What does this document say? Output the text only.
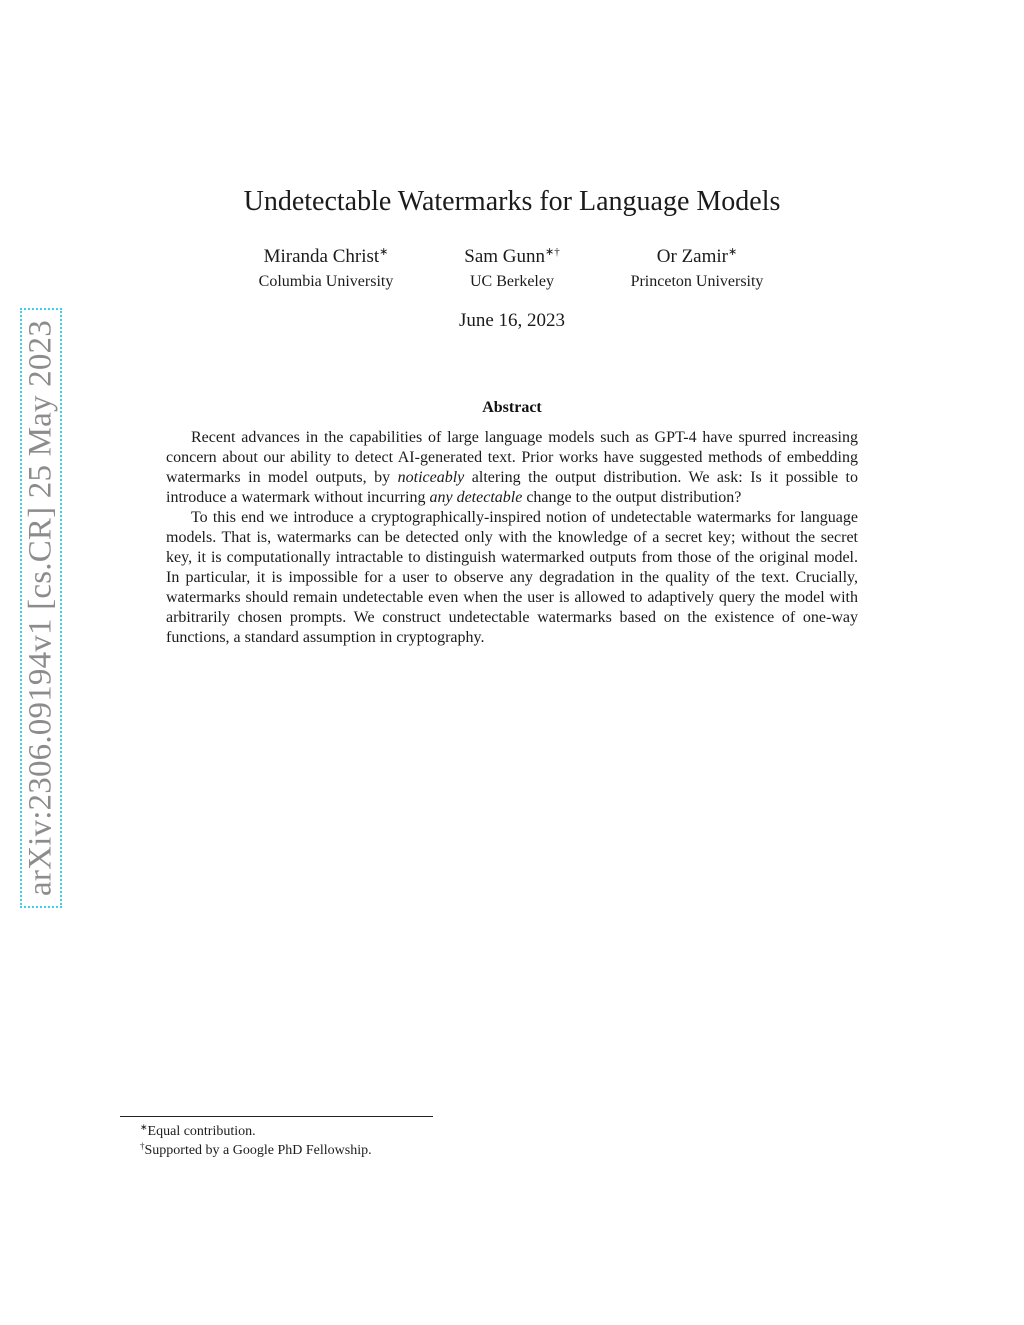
arXiv:2306.09194v1 [cs.CR] 25 May 2023
Undetectable Watermarks for Language Models
Miranda Christ∗
Columbia University
Sam Gunn∗†
UC Berkeley
Or Zamir∗
Princeton University
June 16, 2023
Abstract

Recent advances in the capabilities of large language models such as GPT-4 have spurred increasing concern about our ability to detect AI-generated text. Prior works have suggested methods of embedding watermarks in model outputs, by noticeably altering the output distribution. We ask: Is it possible to introduce a watermark without incurring any detectable change to the output distribution?

To this end we introduce a cryptographically-inspired notion of undetectable watermarks for language models. That is, watermarks can be detected only with the knowledge of a secret key; without the secret key, it is computationally intractable to distinguish watermarked outputs from those of the original model. In particular, it is impossible for a user to observe any degradation in the quality of the text. Crucially, watermarks should remain undetectable even when the user is allowed to adaptively query the model with arbitrarily chosen prompts. We construct undetectable watermarks based on the existence of one-way functions, a standard assumption in cryptography.

∗Equal contribution.
†Supported by a Google PhD Fellowship.
